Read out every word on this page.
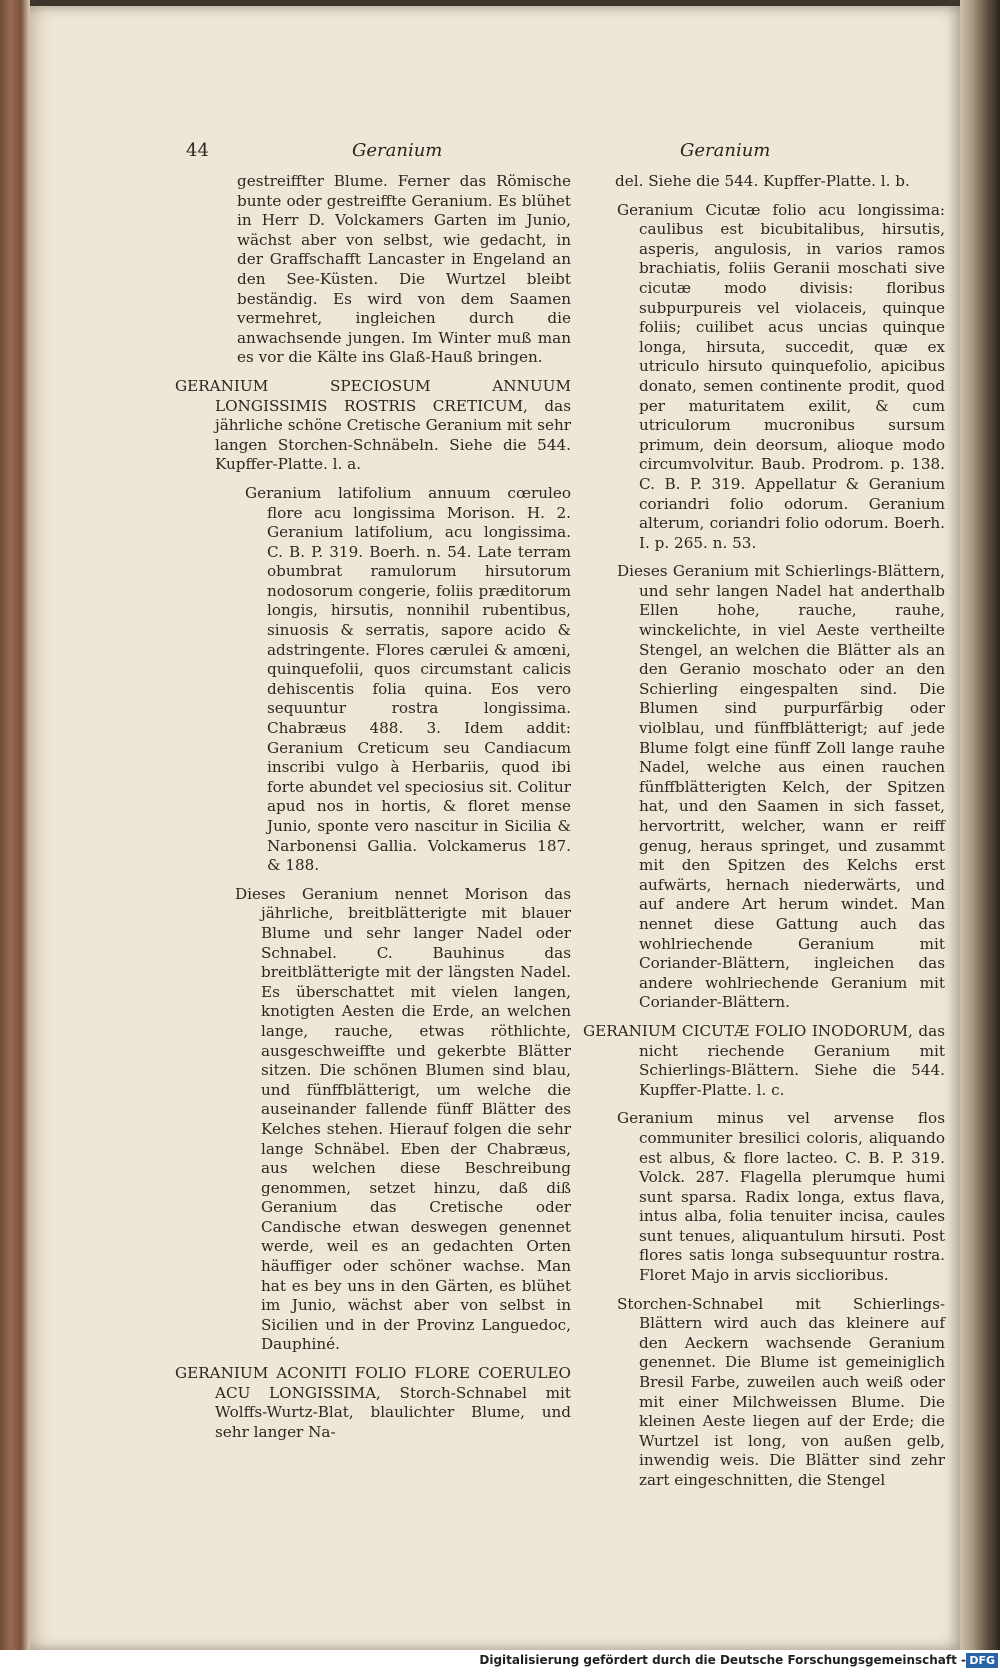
44	Geranium	Geranium

gestreiffter Blume. Ferner das Römische bunte oder gestreiffte Geranium. Es blühet in Herr D. Volckamers Garten im Junio, wächst aber von selbst, wie gedacht, in der Graffschafft Lancaster in Engeland an den See-Küsten. Die Wurtzel bleibt beständig. Es wird von dem Saamen vermehret, ingleichen durch die anwachsende jungen. Im Winter muß man es vor die Kälte ins Glaß-Hauß bringen.

GERANIUM SPECIOSUM ANNUUM LONGISSIMIS ROSTRIS CRETICUM, das jährliche schöne Cretische Geranium mit sehr langen Storchen-Schnäbeln. Siehe die 544. Kupffer-Platte. l. a.

Geranium latifolium annuum cœruleo flore acu longissima Morison. H. 2. Geranium latifolium, acu longissima. C. B. P. 319. Boerh. n. 54. Late terram obumbrat ramulorum hirsutorum nodosorum congerie, foliis præditorum longis, hirsutis, nonnihil rubentibus, sinuosis & serratis, sapore acido & adstringente. Flores cærulei & amœni, quinquefolii, quos circumstant calicis dehiscentis folia quina. Eos vero sequuntur rostra longissima. Chabræus 488. 3. Idem addit: Geranium Creticum seu Candiacum inscribi vulgo à Herbariis, quod ibi forte abundet vel speciosius sit. Colitur apud nos in hortis, & floret mense Junio, sponte vero nascitur in Sicilia & Narbonensi Gallia. Volckamerus 187. & 188.

Dieses Geranium nennet Morison das jährliche, breitblätterigte mit blauer Blume und sehr langer Nadel oder Schnabel. C. Bauhinus das breitblätterigte mit der längsten Nadel. Es überschattet mit vielen langen, knotigten Aesten die Erde, an welchen lange, rauche, etwas röthlichte, ausgeschweiffte und gekerbte Blätter sitzen. Die schönen Blumen sind blau, und fünffblätterigt, um welche die auseinander fallende fünff Blätter des Kelches stehen. Hierauf folgen die sehr lange Schnäbel. Eben der Chabræus, aus welchen diese Beschreibung genommen, setzet hinzu, daß diß Geranium das Cretische oder Candische etwan deswegen genennet werde, weil es an gedachten Orten häuffiger oder schöner wachse. Man hat es bey uns in den Gärten, es blühet im Junio, wächst aber von selbst in Sicilien und in der Provinz Languedoc, Dauphiné.

GERANIUM ACONITI FOLIO FLORE COERULEO ACU LONGISSIMA, Storch-Schnabel mit Wolffs-Wurtz-Blat, blaulichter Blume, und sehr langer Na-

del. Siehe die 544. Kupffer-Platte. l. b.

Geranium Cicutæ folio acu longissima: caulibus est bicubitalibus, hirsutis, asperis, angulosis, in varios ramos brachiatis, foliis Geranii moschati sive cicutæ modo divisis: floribus subpurpureis vel violaceis, quinque foliis; cuilibet acus uncias quinque longa, hirsuta, succedit, quæ ex utriculo hirsuto quinquefolio, apicibus donato, semen continente prodit, quod per maturitatem exilit, & cum utriculorum mucronibus sursum primum, dein deorsum, alioque modo circumvolvitur. Baub. Prodrom. p. 138. C. B. P. 319. Appellatur & Geranium coriandri folio odorum. Geranium alterum, coriandri folio odorum. Boerh. I. p. 265. n. 53.

Dieses Geranium mit Schierlings-Blättern, und sehr langen Nadel hat anderthalb Ellen hohe, rauche, rauhe, winckelichte, in viel Aeste vertheilte Stengel, an welchen die Blätter als an den Geranio moschato oder an den Schierling eingespalten sind. Die Blumen sind purpurfärbig oder violblau, und fünffblätterigt; auf jede Blume folgt eine fünff Zoll lange rauhe Nadel, welche aus einen rauchen fünffblätterigten Kelch, der Spitzen hat, und den Saamen in sich fasset, hervortritt, welcher, wann er reiff genug, heraus springet, und zusammt mit den Spitzen des Kelchs erst aufwärts, hernach niederwärts, und auf andere Art herum windet. Man nennet diese Gattung auch das wohlriechende Geranium mit Coriander-Blättern, ingleichen das andere wohlriechende Geranium mit Coriander-Blättern.

GERANIUM CICUTÆ FOLIO INODORUM, das nicht riechende Geranium mit Schierlings-Blättern. Siehe die 544. Kupffer-Platte. l. c.

Geranium minus vel arvense flos communiter bresilici coloris, aliquando est albus, & flore lacteo. C. B. P. 319. Volck. 287. Flagella plerumque humi sunt sparsa. Radix longa, extus flava, intus alba, folia tenuiter incisa, caules sunt tenues, aliquantulum hirsuti. Post flores satis longa subsequuntur rostra. Floret Majo in arvis sicclioribus.

Storchen-Schnabel mit Schierlings-Blättern wird auch das kleinere auf den Aeckern wachsende Geranium genennet. Die Blume ist gemeiniglich Bresil Farbe, zuweilen auch weiß oder mit einer Milchweissen Blume. Die kleinen Aeste liegen auf der Erde; die Wurtzel ist long, von außen gelb, inwendig weis. Die Blätter sind zehr zart eingeschnitten, die Stengel

Digitalisierung gefördert durch die Deutsche Forschungsgemeinschaft - DFG
